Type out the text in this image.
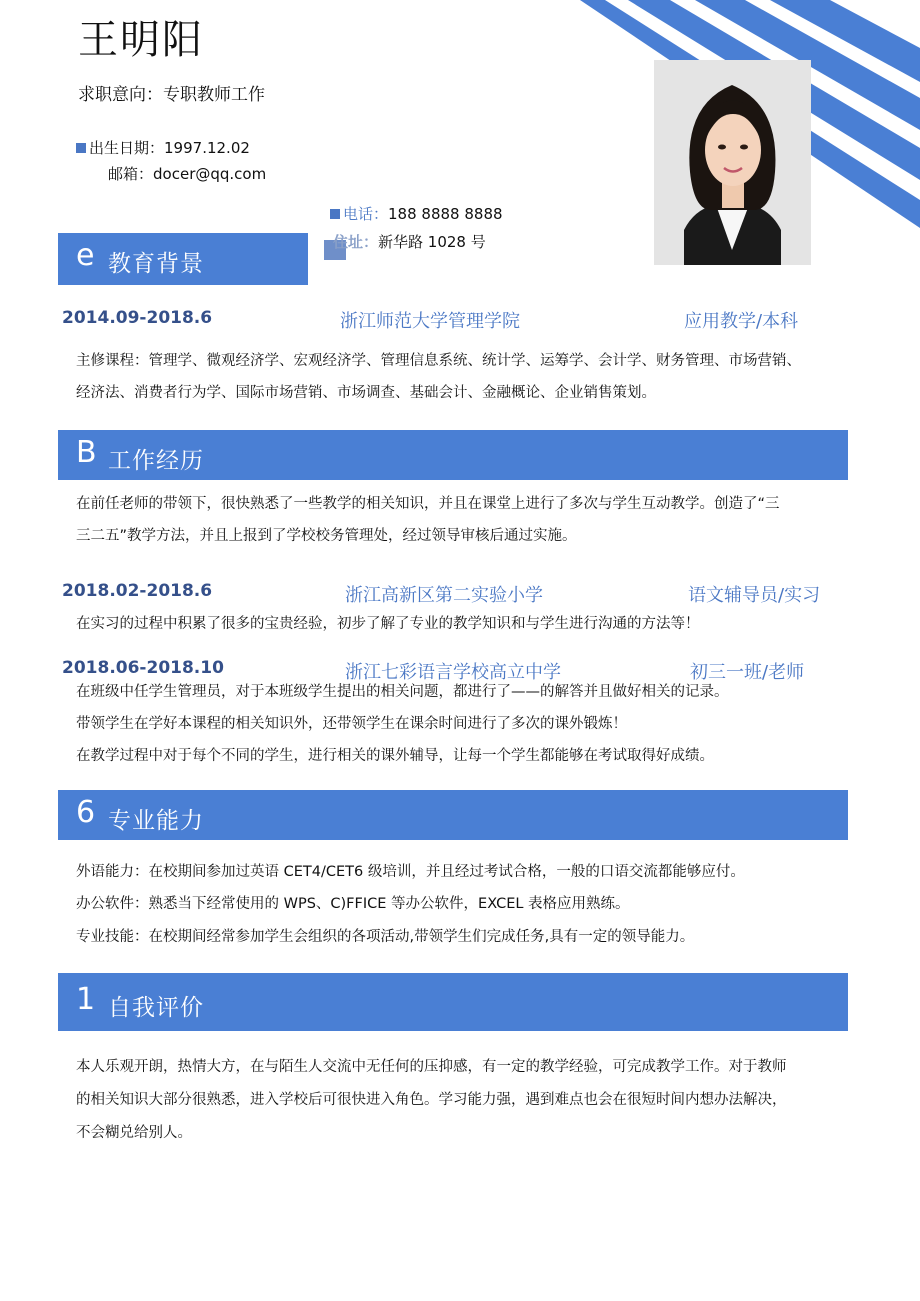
王明阳
求职意向：专职教师工作
出生日期：1997.12.02
邮箱：docer@qq.com
电话：188 8888 8888
住址：新华路 1028 号
e 教育背景
2014.09-2018.6	浙江师范大学管理学院	应用教学/本科
主修课程：管理学、微观经济学、宏观经济学、管理信息系统、统计学、运筹学、会计学、财务管理、市场营销、
经济法、消费者行为学、国际市场营销、市场调查、基础会计、金融概论、企业销售策划。
B 工作经历
在前任老师的带领下，很快熟悉了一些教学的相关知识，并且在课堂上进行了多次与学生互动教学。创造了“三
三二五”教学方法，并且上报到了学校校务管理处，经过领导审核后通过实施。
2018.02-2018.6	浙江高新区第二实验小学	语文辅导员/实习
在实习的过程中积累了很多的宝贵经验，初步了解了专业的教学知识和与学生进行沟通的方法等！
2018.06-2018.10	浙江七彩语言学校高立中学	初三一班/老师
在班级中任学生管理员，对于本班级学生提出的相关问题，都进行了——的解答并且做好相关的记录。
带领学生在学好本课程的相关知识外，还带领学生在课余时间进行了多次的课外锻炼！
在教学过程中对于每个不同的学生，进行相关的课外辅导，让每一个学生都能够在考试取得好成绩。
6 专业能力
外语能力：在校期间参加过英语 CET4/CET6 级培训，并且经过考试合格，一般的口语交流都能够应付。
办公软件：熟悉当下经常使用的 WPS、C)FFICE 等办公软件，EXCEL 表格应用熟练。
专业技能：在校期间经常参加学生会组织的各项活动,带领学生们完成任务,具有一定的领导能力。
1 自我评价
本人乐观开朗，热情大方，在与陌生人交流中无任何的压抑感，有一定的教学经验，可完成教学工作。对于教师
的相关知识大部分很熟悉，进入学校后可很快进入角色。学习能力强，遇到难点也会在很短时间内想办法解决，
不会糊兑给别人。
